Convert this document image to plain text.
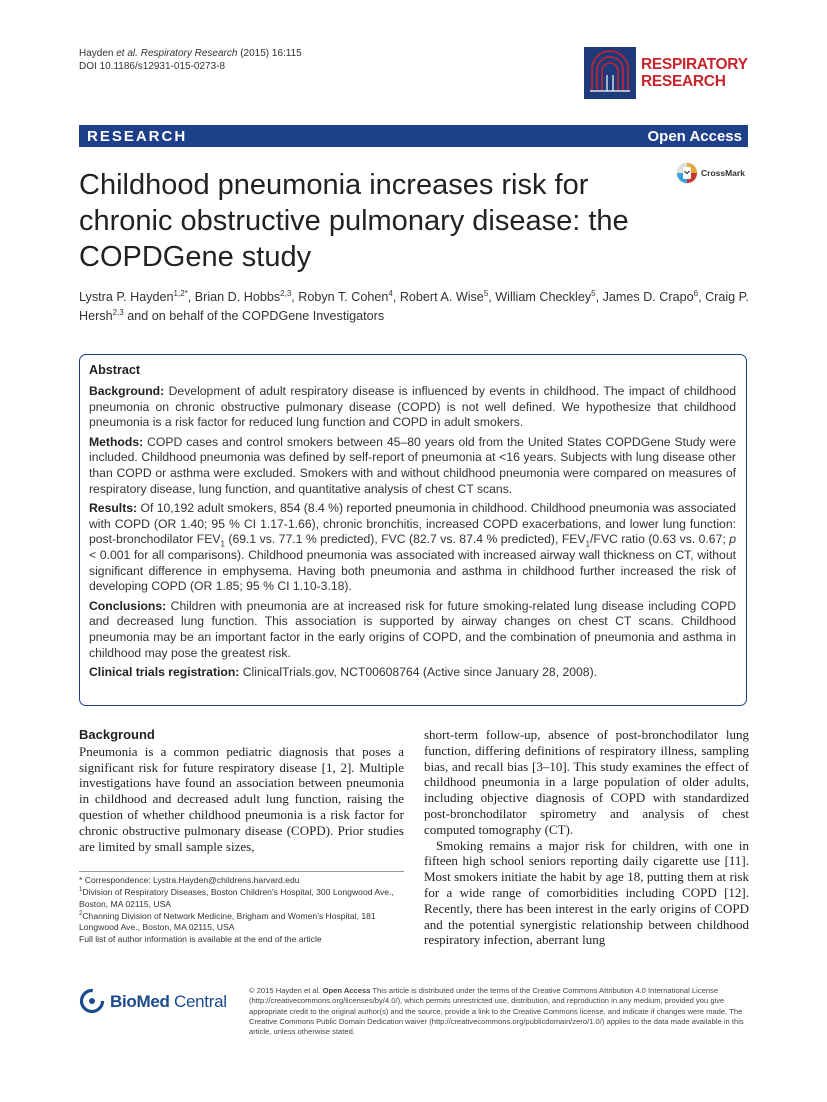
Hayden et al. Respiratory Research (2015) 16:115
DOI 10.1186/s12931-015-0273-8	RESPIRATORY
RESEARCH
RESEARCH	Open Access
Childhood pneumonia increases risk for chronic obstructive pulmonary disease: the COPDGene study
CrossMark
Lystra P. Hayden$^{1,2*}$, Brian D. Hobbs$^{2,3}$, Robyn T. Cohen$^4$, Robert A. Wise$^5$, William Checkley$^5$, James D. Crapo$^6$, Craig P. Hersh$^{2,3}$ and on behalf of the COPDGene Investigators
Abstract

Background: Development of adult respiratory disease is influenced by events in childhood. The impact of childhood pneumonia on chronic obstructive pulmonary disease (COPD) is not well defined. We hypothesize that childhood pneumonia is a risk factor for reduced lung function and COPD in adult smokers.

Methods: COPD cases and control smokers between 45–80 years old from the United States COPDGene Study were included. Childhood pneumonia was defined by self-report of pneumonia at <16 years. Subjects with lung disease other than COPD or asthma were excluded. Smokers with and without childhood pneumonia were compared on measures of respiratory disease, lung function, and quantitative analysis of chest CT scans.

Results: Of 10,192 adult smokers, 854 (8.4 %) reported pneumonia in childhood. Childhood pneumonia was associated with COPD (OR 1.40; 95 % CI 1.17-1.66), chronic bronchitis, increased COPD exacerbations, and lower lung function: post-bronchodilator $FEV_1$ (69.1 vs. 77.1 % predicted), FVC (82.7 vs. 87.4 % predicted), $FEV_1$/FVC ratio (0.63 vs. 0.67; p < 0.001 for all comparisons). Childhood pneumonia was associated with increased airway wall thickness on CT, without significant difference in emphysema. Having both pneumonia and asthma in childhood further increased the risk of developing COPD (OR 1.85; 95 % CI 1.10-3.18).

Conclusions: Children with pneumonia are at increased risk for future smoking-related lung disease including COPD and decreased lung function. This association is supported by airway changes on chest CT scans. Childhood pneumonia may be an important factor in the early origins of COPD, and the combination of pneumonia and asthma in childhood may pose the greatest risk.

Clinical trials registration: ClinicalTrials.gov, NCT00608764 (Active since January 28, 2008).

Background

Pneumonia is a common pediatric diagnosis that poses a significant risk for future respiratory disease [1, 2]. Multiple investigations have found an association between pneumonia in childhood and decreased adult lung function, raising the question of whether childhood pneumonia is a risk factor for chronic obstructive pulmonary disease (COPD). Prior studies are limited by small sample sizes,

short-term follow-up, absence of post-bronchodilator lung function, differing definitions of respiratory illness, sampling bias, and recall bias [3–10]. This study examines the effect of childhood pneumonia in a large population of older adults, including objective diagnosis of COPD with standardized post-bronchodilator spirometry and analysis of chest computed tomography (CT).

Smoking remains a major risk for children, with one in fifteen high school seniors reporting daily cigarette use [11]. Most smokers initiate the habit by age 18, putting them at risk for a wide range of comorbidities including COPD [12]. Recently, there has been interest in the early origins of COPD and the potential synergistic relationship between childhood respiratory infection, aberrant lung

* Correspondence: Lystra.Hayden@childrens.harvard.edu

$^1$Division of Respiratory Diseases, Boston Children's Hospital, 300 Longwood Ave., Boston, MA 02115, USA

$^2$Channing Division of Network Medicine, Brigham and Women's Hospital, 181 Longwood Ave., Boston, MA 02115, USA

Full list of author information is available at the end of the article

BioMed Central
© 2015 Hayden et al. Open Access This article is distributed under the terms of the Creative Commons Attribution 4.0 International License (http://creativecommons.org/licenses/by/4.0/), which permits unrestricted use, distribution, and reproduction in any medium, provided you give appropriate credit to the original author(s) and the source, provide a link to the Creative Commons license, and indicate if changes were made. The Creative Commons Public Domain Dedication waiver (http://creativecommons.org/publicdomain/zero/1.0/) applies to the data made available in this article, unless otherwise stated.
